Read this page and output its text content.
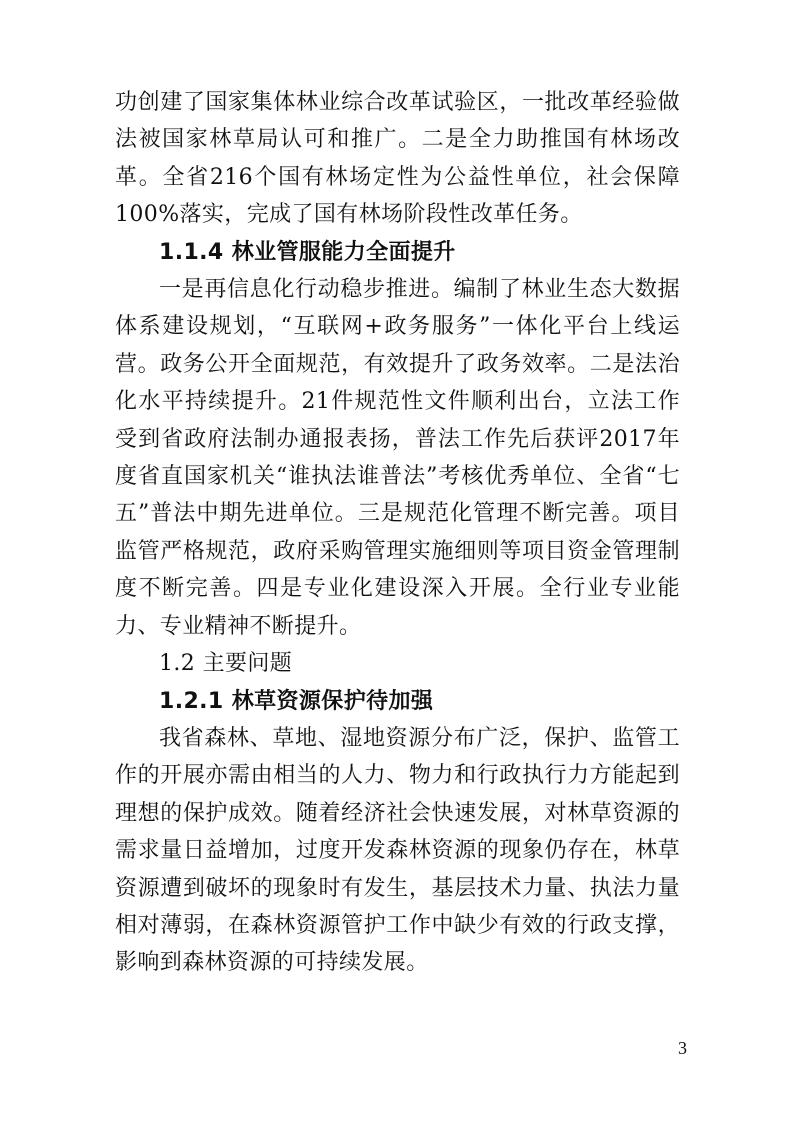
功创建了国家集体林业综合改革试验区，一批改革经验做法被国家林草局认可和推广。二是全力助推国有林场改革。全省216个国有林场定性为公益性单位，社会保障100%落实，完成了国有林场阶段性改革任务。

1.1.4 林业管服能力全面提升

一是再信息化行动稳步推进。编制了林业生态大数据体系建设规划，“互联网+政务服务”一体化平台上线运营。政务公开全面规范，有效提升了政务效率。二是法治化水平持续提升。21件规范性文件顺利出台，立法工作受到省政府法制办通报表扬，普法工作先后获评2017年度省直国家机关“谁执法谁普法”考核优秀单位、全省“七五”普法中期先进单位。三是规范化管理不断完善。项目监管严格规范，政府采购管理实施细则等项目资金管理制度不断完善。四是专业化建设深入开展。全行业专业能力、专业精神不断提升。

1.2 主要问题

1.2.1 林草资源保护待加强

我省森林、草地、湿地资源分布广泛，保护、监管工作的开展亦需由相当的人力、物力和行政执行力方能起到理想的保护成效。随着经济社会快速发展，对林草资源的需求量日益增加，过度开发森林资源的现象仍存在，林草资源遭到破坏的现象时有发生，基层技术力量、执法力量相对薄弱，在森林资源管护工作中缺少有效的行政支撑，影响到森林资源的可持续发展。

3
